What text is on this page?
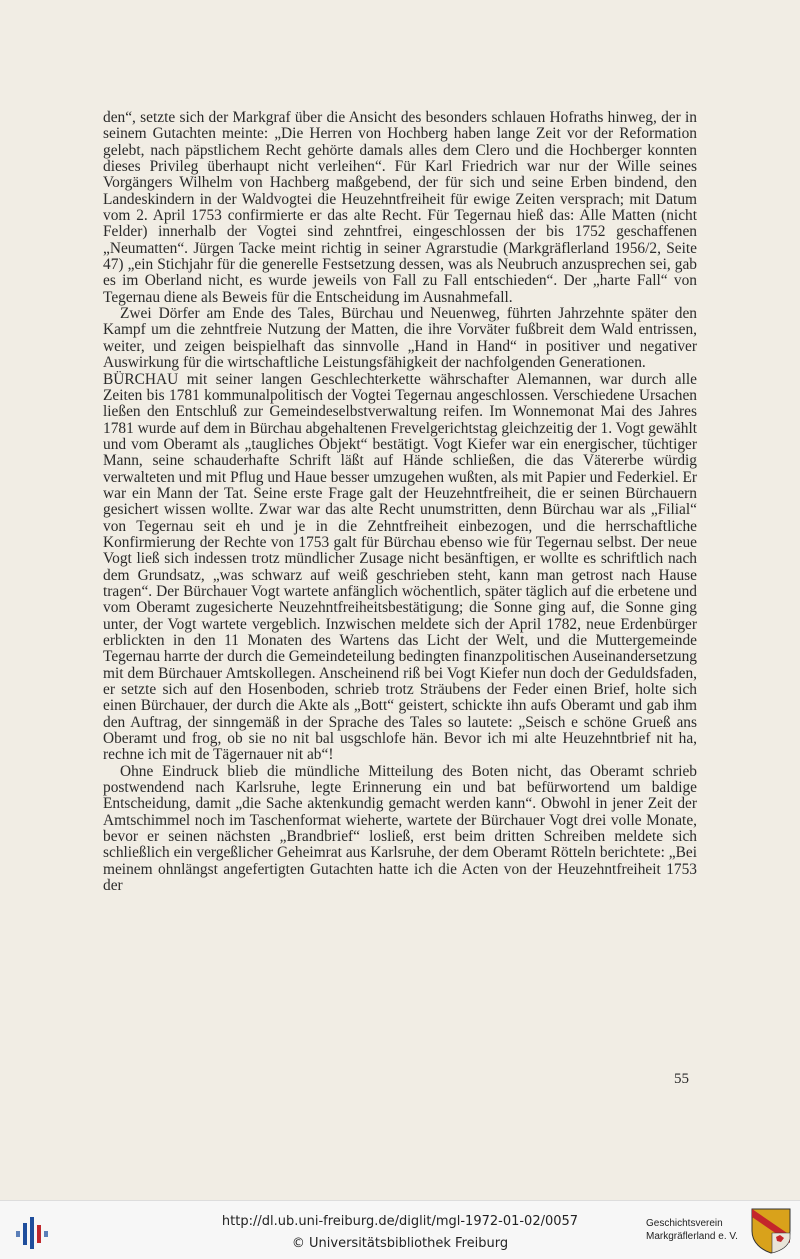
den“, setzte sich der Markgraf über die Ansicht des besonders schlauen Hofraths hinweg, der in seinem Gutachten meinte: „Die Herren von Hochberg haben lange Zeit vor der Reformation gelebt, nach päpstlichem Recht gehörte damals alles dem Clero und die Hochberger konnten dieses Privileg überhaupt nicht verleihen“. Für Karl Friedrich war nur der Wille seines Vorgängers Wilhelm von Hachberg maßgebend, der für sich und seine Erben bindend, den Landeskindern in der Waldvogtei die Heuzehntfreiheit für ewige Zeiten versprach; mit Datum vom 2. April 1753 confirmierte er das alte Recht. Für Tegernau hieß das: Alle Matten (nicht Felder) innerhalb der Vogtei sind zehntfrei, eingeschlossen der bis 1752 geschaffenen „Neumatten“. Jürgen Tacke meint richtig in seiner Agrarstudie (Markgräflerland 1956/2, Seite 47) „ein Stichjahr für die generelle Festsetzung dessen, was als Neubruch anzusprechen sei, gab es im Oberland nicht, es wurde jeweils von Fall zu Fall entschieden“. Der „harte Fall“ von Tegernau diene als Beweis für die Entscheidung im Ausnahmefall.

Zwei Dörfer am Ende des Tales, Bürchau und Neuenweg, führten Jahrzehnte später den Kampf um die zehntfreie Nutzung der Matten, die ihre Vorväter fußbreit dem Wald entrissen, weiter, und zeigen beispielhaft das sinnvolle „Hand in Hand“ in positiver und negativer Auswirkung für die wirtschaftliche Leistungsfähigkeit der nachfolgenden Generationen.

BÜRCHAU mit seiner langen Geschlechterkette währschafter Alemannen, war durch alle Zeiten bis 1781 kommunalpolitisch der Vogtei Tegernau angeschlossen. Verschiedene Ursachen ließen den Entschluß zur Gemeindeselbstverwaltung reifen. Im Wonnemonat Mai des Jahres 1781 wurde auf dem in Bürchau abgehaltenen Frevelgerichtstag gleichzeitig der 1. Vogt gewählt und vom Oberamt als „taugliches Objekt“ bestätigt. Vogt Kiefer war ein energischer, tüchtiger Mann, seine schauderhafte Schrift läßt auf Hände schließen, die das Vätererbe würdig verwalteten und mit Pflug und Haue besser umzugehen wußten, als mit Papier und Federkiel. Er war ein Mann der Tat. Seine erste Frage galt der Heuzehntfreiheit, die er seinen Bürchauern gesichert wissen wollte. Zwar war das alte Recht unumstritten, denn Bürchau war als „Filial“ von Tegernau seit eh und je in die Zehntfreiheit einbezogen, und die herrschaftliche Konfirmierung der Rechte von 1753 galt für Bürchau ebenso wie für Tegernau selbst. Der neue Vogt ließ sich indessen trotz mündlicher Zusage nicht besänftigen, er wollte es schriftlich nach dem Grundsatz, „was schwarz auf weiß geschrieben steht, kann man getrost nach Hause tragen“. Der Bürchauer Vogt wartete anfänglich wöchentlich, später täglich auf die erbetene und vom Oberamt zugesicherte Neuzehntfreiheitsbestätigung; die Sonne ging auf, die Sonne ging unter, der Vogt wartete vergeblich. Inzwischen meldete sich der April 1782, neue Erdenbürger erblickten in den 11 Monaten des Wartens das Licht der Welt, und die Muttergemeinde Tegernau harrte der durch die Gemeindeteilung bedingten finanzpolitischen Auseinandersetzung mit dem Bürchauer Amtskollegen. Anscheinend riß bei Vogt Kiefer nun doch der Geduldsfaden, er setzte sich auf den Hosenboden, schrieb trotz Sträubens der Feder einen Brief, holte sich einen Bürchauer, der durch die Akte als „Bott“ geistert, schickte ihn aufs Oberamt und gab ihm den Auftrag, der sinngemäß in der Sprache des Tales so lautete: „Seisch e schöne Grueß ans Oberamt und frog, ob sie no nit bal usgschlofe hän. Bevor ich mi alte Heuzehntbrief nit ha, rechne ich mit de Tägernauer nit ab“!

Ohne Eindruck blieb die mündliche Mitteilung des Boten nicht, das Oberamt schrieb postwendend nach Karlsruhe, legte Erinnerung ein und bat befürwortend um baldige Entscheidung, damit „die Sache aktenkundig gemacht werden kann“. Obwohl in jener Zeit der Amtschimmel noch im Taschenformat wieherte, wartete der Bürchauer Vogt drei volle Monate, bevor er seinen nächsten „Brandbrief“ losließ, erst beim dritten Schreiben meldete sich schließlich ein vergeßlicher Geheimrat aus Karlsruhe, der dem Oberamt Rötteln berichtete: „Bei meinem ohnlängst angefertigten Gutachten hatte ich die Acten von der Heuzehntfreiheit 1753 der

55
http://dl.ub.uni-freiburg.de/diglit/mgl-1972-01-02/0057
© Universitätsbibliothek Freiburg
Geschichtsverein
Markgräflerland e. V.
